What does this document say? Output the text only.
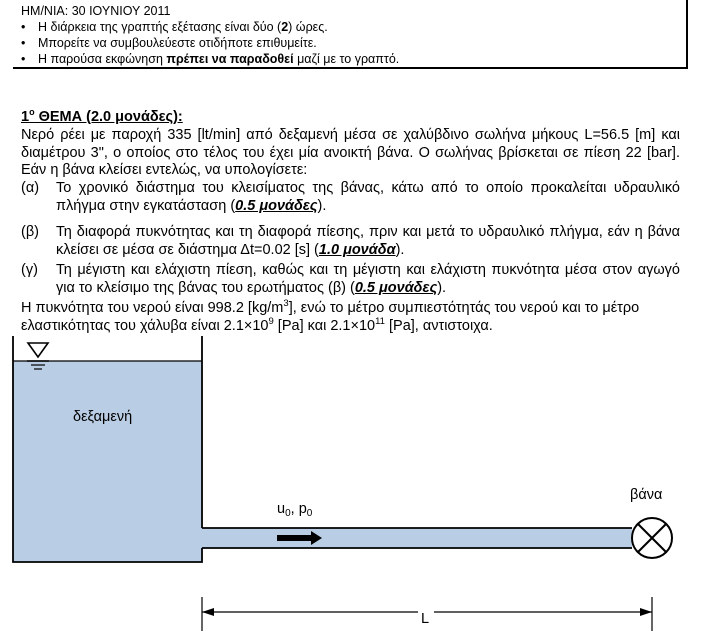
ΗΜ/ΝΙΑ: 30 ΙΟΥΝΙΟΥ 2011
• Η διάρκεια της γραπτής εξέτασης είναι δύο (2) ώρες.
• Μπορείτε να συμβουλεύεστε οτιδήποτε επιθυμείτε.
• Η παρούσα εκφώνηση πρέπει να παραδοθεί μαζί με το γραπτό.
$1^o$ ΘΕΜΑ (2.0 μονάδες):
Νερό ρέει με παροχή 335 [lt/min] από δεξαμενή μέσα σε χαλύβδινο σωλήνα μήκους L=56.5 [m] και διαμέτρου 3", ο οποίος στο τέλος του έχει μία ανοικτή βάνα. Ο σωλήνας βρίσκεται σε πίεση 22 [bar]. Εάν η βάνα κλείσει εντελώς, να υπολογίσετε:
(α) Το χρονικό διάστημα του κλεισίματος της βάνας, κάτω από το οποίο προκαλείται υδραυλικό πλήγμα στην εγκατάσταση (0.5 μονάδες).
(β) Τη διαφορά πυκνότητας και τη διαφορά πίεσης, πριν και μετά το υδραυλικό πλήγμα, εάν η βάνα κλείσει σε μέσα σε διάστημα Δt=0.02 [s] (1.0 μονάδα).
(γ) Τη μέγιστη και ελάχιστη πίεση, καθώς και τη μέγιστη και ελάχιστη πυκνότητα μέσα στον αγωγό για το κλείσιμο της βάνας του ερωτήματος (β) (0.5 μονάδες).
Η πυκνότητα του νερού είναι 998.2 $[kg/m^3]$, ενώ το μέτρο συμπιεστότητάς του νερού και το μέτρο ελαστικότητας του χάλυβα είναι $2.1\times 10^9$ [Pa] και $2.1\times 10^{11}$ [Pa], αντιστοιχα.
$u_0$, $p_0$
δεξαμενή
βάνα
L
